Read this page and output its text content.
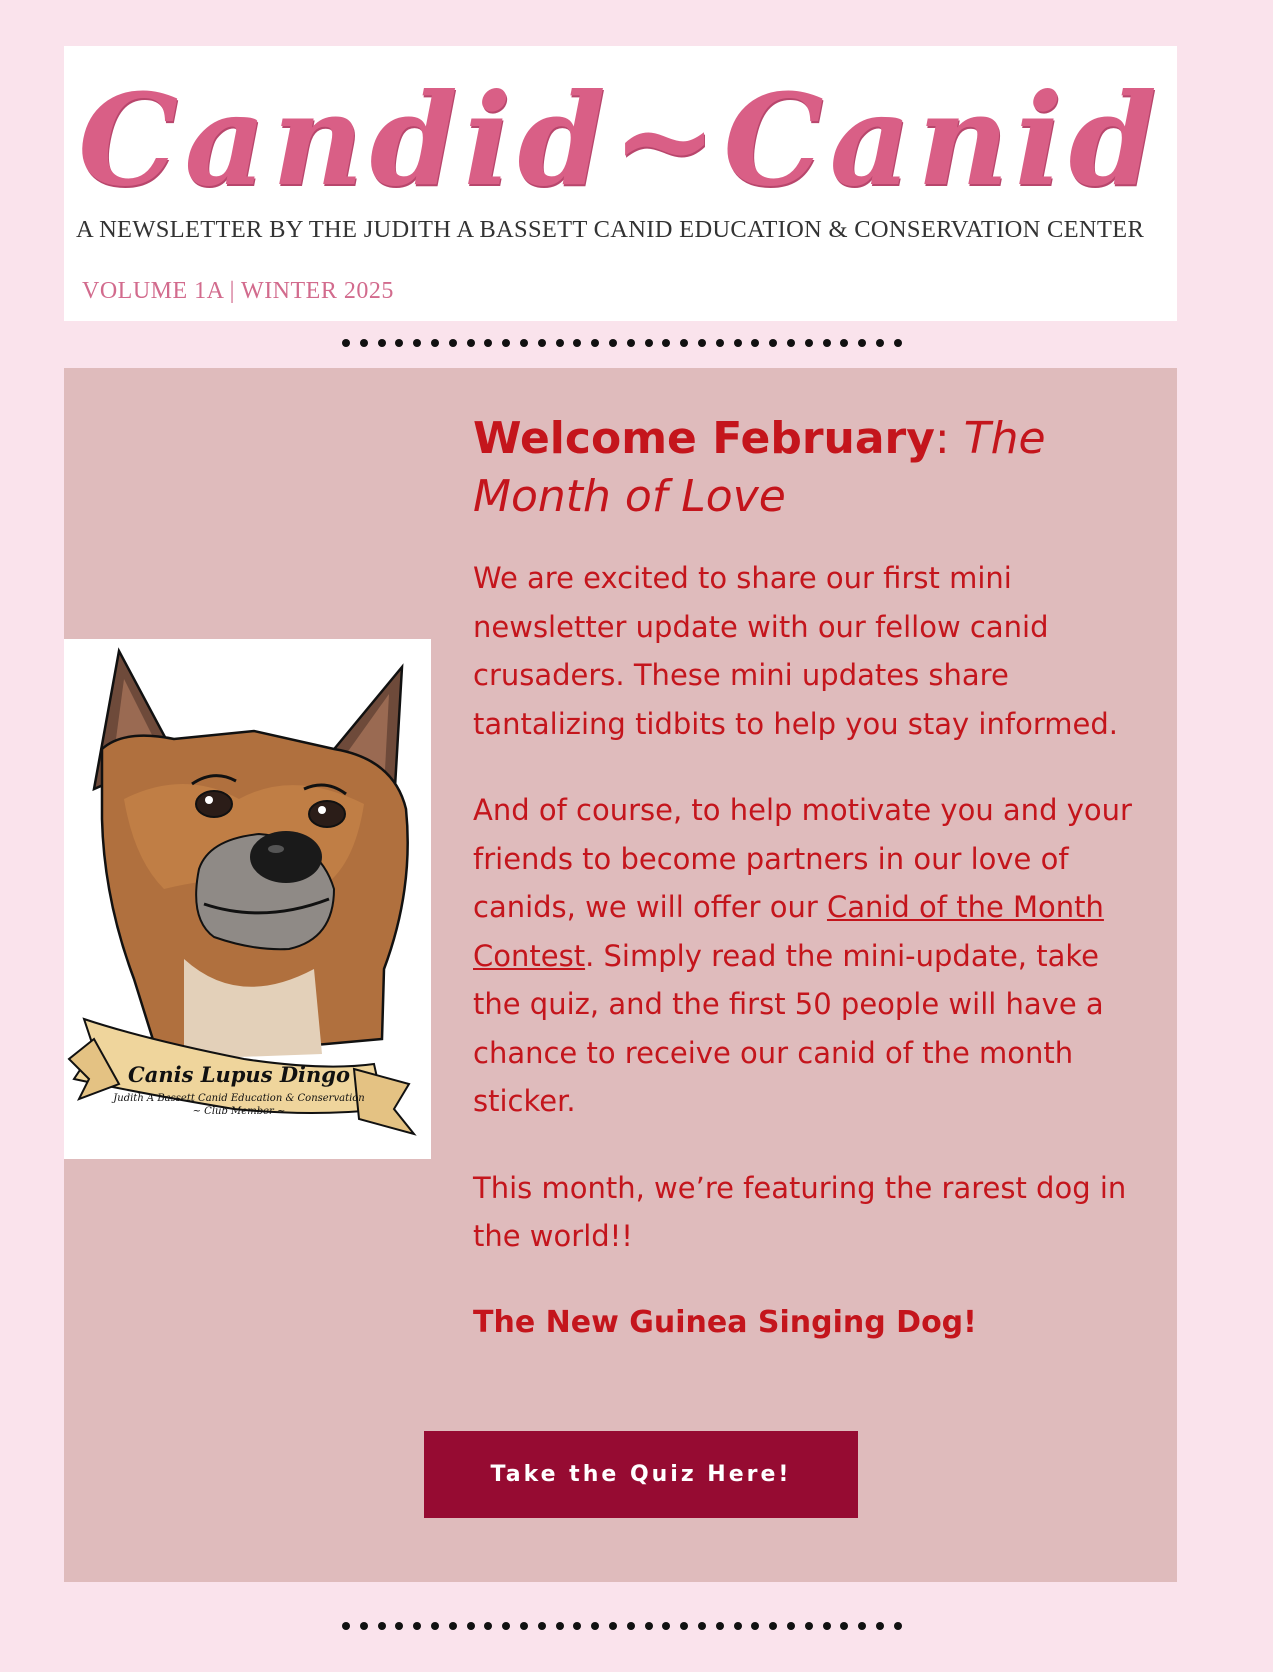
Candid~Canid
A NEWSLETTER BY THE JUDITH A BASSETT CANID EDUCATION & CONSERVATION CENTER
VOLUME 1A | WINTER 2025
Canis Lupus Dingo
Judith A Bassett Canid Education & Conservation
~ Club Member ~
Welcome February: The Month of Love

We are excited to share our first mini newsletter update with our fellow canid crusaders. These mini updates share tantalizing tidbits to help you stay informed.

And of course, to help motivate you and your friends to become partners in our love of canids, we will offer our Canid of the Month Contest. Simply read the mini-update, take the quiz, and the first 50 people will have a chance to receive our canid of the month sticker.

This month, we’re featuring the rarest dog in the world!!

The New Guinea Singing Dog!

Take the Quiz Here!
